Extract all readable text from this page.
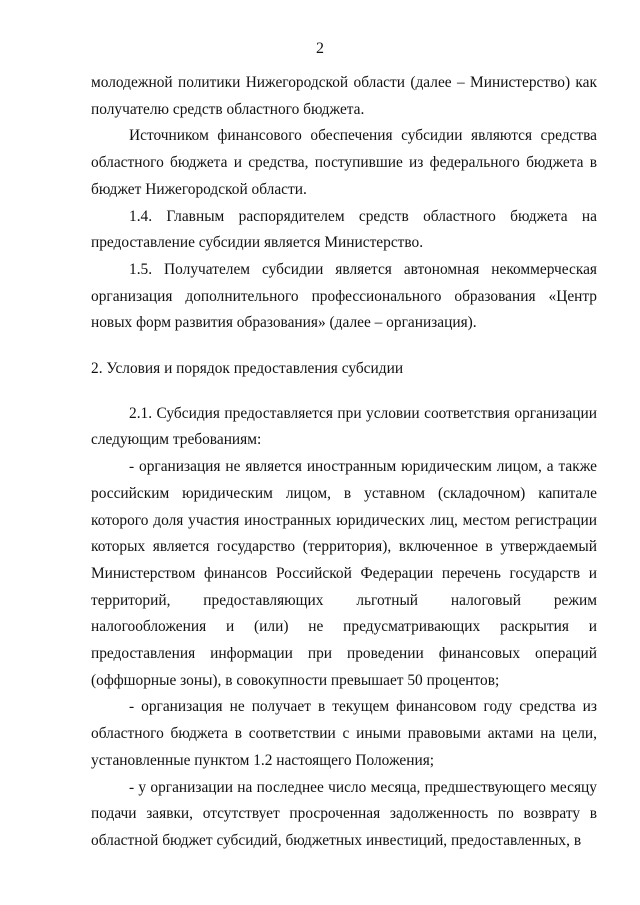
2

молодежной политики Нижегородской области (далее – Министерство) как получателю средств областного бюджета.

Источником финансового обеспечения субсидии являются средства областного бюджета и средства, поступившие из федерального бюджета в бюджет Нижегородской области.

1.4. Главным распорядителем средств областного бюджета на предоставление субсидии является Министерство.

1.5. Получателем субсидии является автономная некоммерческая организация дополнительного профессионального образования «Центр новых форм развития образования» (далее – организация).

2. Условия и порядок предоставления субсидии

2.1. Субсидия предоставляется при условии соответствия организации следующим требованиям:

- организация не является иностранным юридическим лицом, а также российским юридическим лицом, в уставном (складочном) капитале которого доля участия иностранных юридических лиц, местом регистрации которых является государство (территория), включенное в утверждаемый Министерством финансов Российской Федерации перечень государств и территорий, предоставляющих льготный налоговый режим налогообложения и (или) не предусматривающих раскрытия и предоставления информации при проведении финансовых операций (оффшорные зоны), в совокупности превышает 50 процентов;

- организация не получает в текущем финансовом году средства из областного бюджета в соответствии с иными правовыми актами на цели, установленные пунктом 1.2 настоящего Положения;

- у организации на последнее число месяца, предшествующего месяцу подачи заявки, отсутствует просроченная задолженность по возврату в областной бюджет субсидий, бюджетных инвестиций, предоставленных, в
